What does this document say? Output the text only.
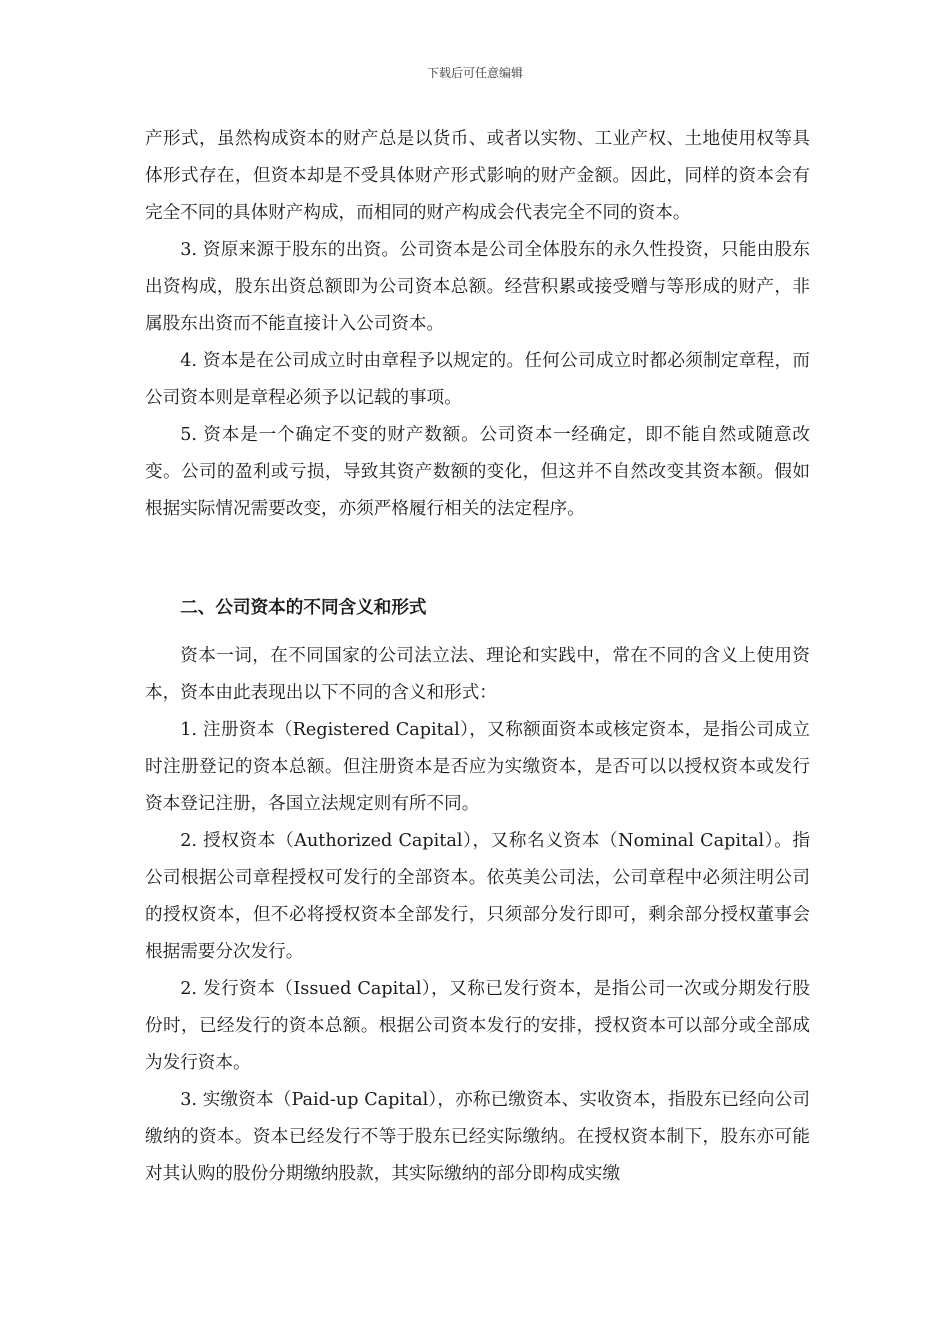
下载后可任意编辑

产形式，虽然构成资本的财产总是以货币、或者以实物、工业产权、土地使用权等具体形式存在，但资本却是不受具体财产形式影响的财产金额。因此，同样的资本会有完全不同的具体财产构成，而相同的财产构成会代表完全不同的资本。

3. 资原来源于股东的出资。公司资本是公司全体股东的永久性投资，只能由股东出资构成，股东出资总额即为公司资本总额。经营积累或接受赠与等形成的财产，非属股东出资而不能直接计入公司资本。

4. 资本是在公司成立时由章程予以规定的。任何公司成立时都必须制定章程，而公司资本则是章程必须予以记载的事项。

5. 资本是一个确定不变的财产数额。公司资本一经确定，即不能自然或随意改变。公司的盈利或亏损，导致其资产数额的变化，但这并不自然改变其资本额。假如根据实际情况需要改变，亦须严格履行相关的法定程序。

二、公司资本的不同含义和形式

资本一词，在不同国家的公司法立法、理论和实践中，常在不同的含义上使用资本，资本由此表现出以下不同的含义和形式：

1. 注册资本（Registered Capital），又称额面资本或核定资本，是指公司成立时注册登记的资本总额。但注册资本是否应为实缴资本，是否可以以授权资本或发行资本登记注册，各国立法规定则有所不同。

2. 授权资本（Authorized Capital），又称名义资本（Nominal Capital）。指公司根据公司章程授权可发行的全部资本。依英美公司法，公司章程中必须注明公司的授权资本，但不必将授权资本全部发行，只须部分发行即可，剩余部分授权董事会根据需要分次发行。

2. 发行资本（Issued Capital），又称已发行资本，是指公司一次或分期发行股份时，已经发行的资本总额。根据公司资本发行的安排，授权资本可以部分或全部成为发行资本。

3. 实缴资本（Paid-up Capital），亦称已缴资本、实收资本，指股东已经向公司缴纳的资本。资本已经发行不等于股东已经实际缴纳。在授权资本制下，股东亦可能对其认购的股份分期缴纳股款，其实际缴纳的部分即构成实缴
